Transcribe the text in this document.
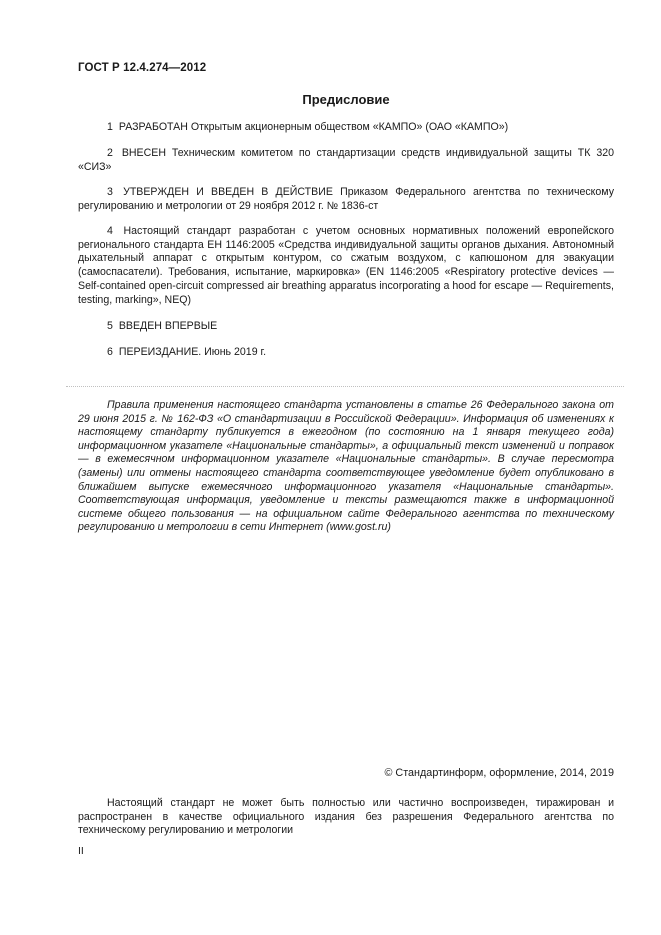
ГОСТ Р 12.4.274—2012
Предисловие

1 РАЗРАБОТАН Открытым акционерным обществом «КАМПО» (ОАО «КАМПО»)

2 ВНЕСЕН Техническим комитетом по стандартизации средств индивидуальной защиты ТК 320 «СИЗ»

3 УТВЕРЖДЕН И ВВЕДЕН В ДЕЙСТВИЕ Приказом Федерального агентства по техническому регулированию и метрологии от 29 ноября 2012 г. № 1836-ст

4 Настоящий стандарт разработан с учетом основных нормативных положений европейского регионального стандарта ЕН 1146:2005 «Средства индивидуальной защиты органов дыхания. Автономный дыхательный аппарат с открытым контуром, со сжатым воздухом, с капюшоном для эвакуации (самоспасатели). Требования, испытание, маркировка» (EN 1146:2005 «Respiratory protective devices — Self-contained open-circuit compressed air breathing apparatus incorporating a hood for escape — Requirements, testing, marking», NEQ)

5 ВВЕДЕН ВПЕРВЫЕ

6 ПЕРЕИЗДАНИЕ. Июнь 2019 г.

Правила применения настоящего стандарта установлены в статье 26 Федерального закона от 29 июня 2015 г. № 162-ФЗ «О стандартизации в Российской Федерации». Информация об изменениях к настоящему стандарту публикуется в ежегодном (по состоянию на 1 января текущего года) информационном указателе «Национальные стандарты», а официальный текст изменений и поправок — в ежемесячном информационном указателе «Национальные стандарты». В случае пересмотра (замены) или отмены настоящего стандарта соответствующее уведомление будет опубликовано в ближайшем выпуске ежемесячного информационного указателя «Национальные стандарты». Соответствующая информация, уведомление и тексты размещаются также в информационной системе общего пользования — на официальном сайте Федерального агентства по техническому регулированию и метрологии в сети Интернет (www.gost.ru)

© Стандартинформ, оформление, 2014, 2019

Настоящий стандарт не может быть полностью или частично воспроизведен, тиражирован и распространен в качестве официального издания без разрешения Федерального агентства по техническому регулированию и метрологии

II
